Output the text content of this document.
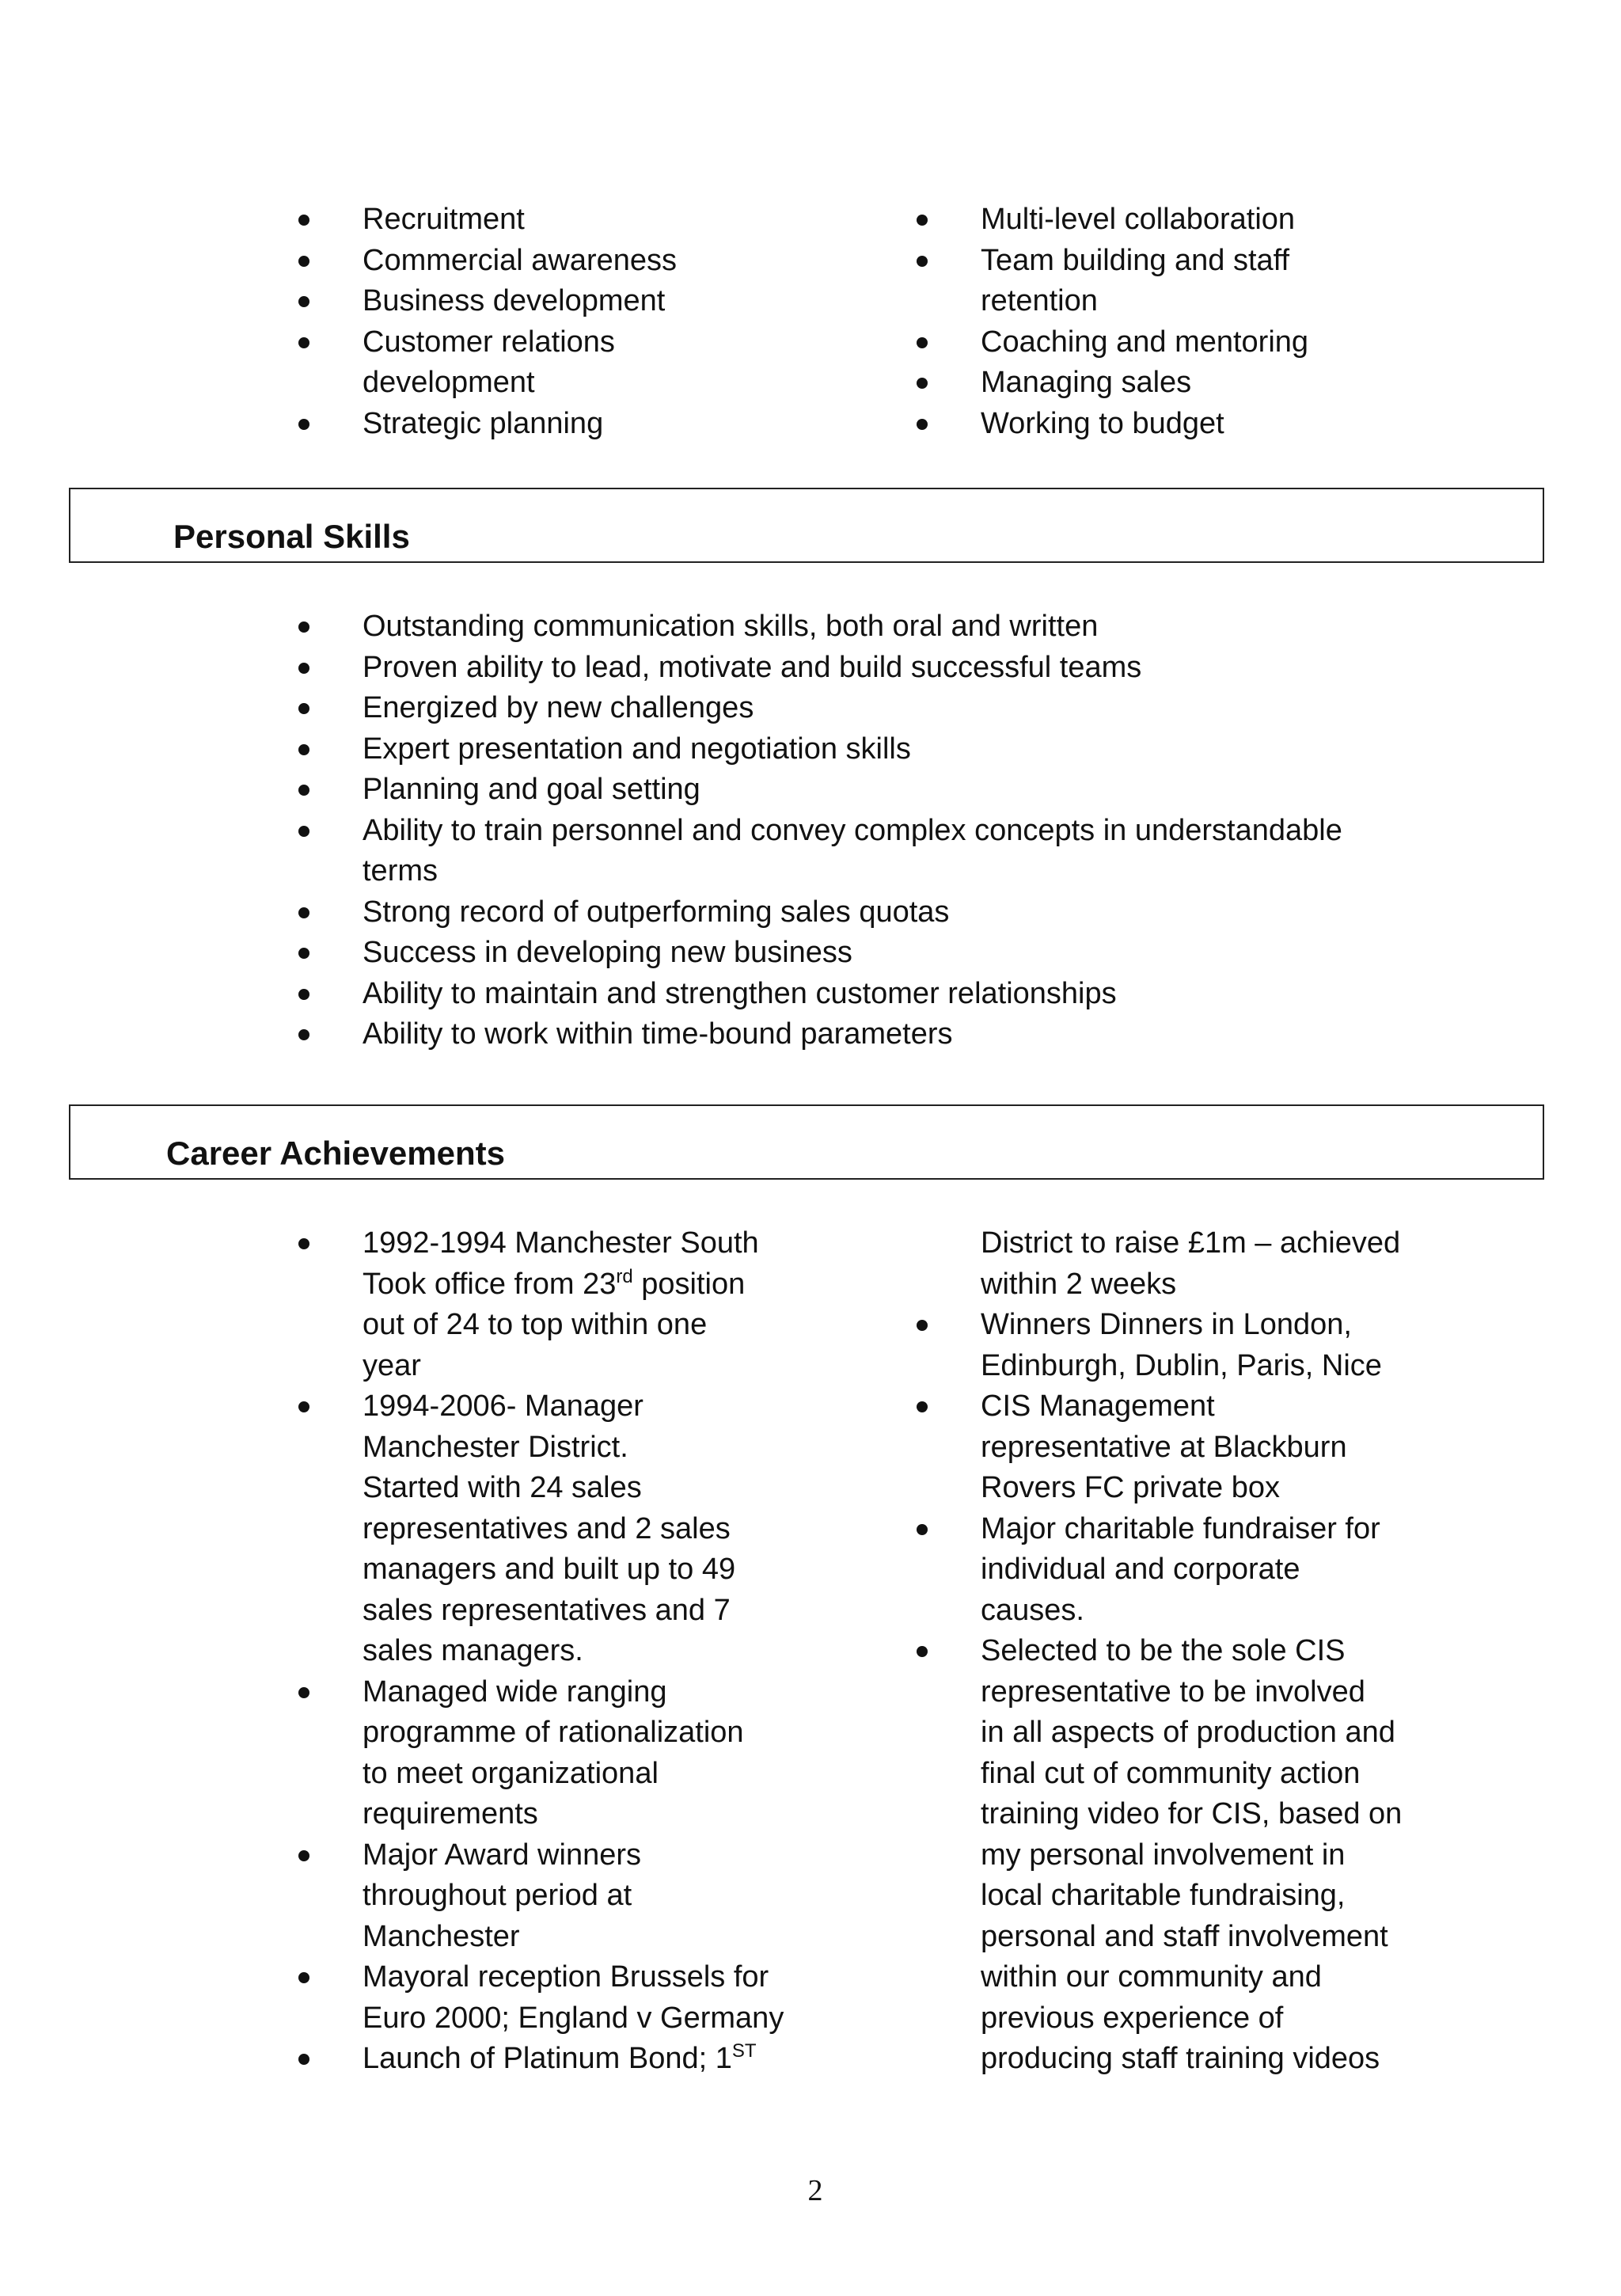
Recruitment
Commercial awareness
Business development
Customer relations
development
Strategic planning
Multi-level collaboration
Team building and staff
retention
Coaching and mentoring
Managing sales
Working to budget
Personal Skills
Outstanding communication skills, both oral and written
Proven ability to lead, motivate and build successful teams
Energized by new challenges
Expert presentation and negotiation skills
Planning and goal setting
Ability to train personnel and convey complex concepts in understandable
terms
Strong record of outperforming sales quotas
Success in developing new business
Ability to maintain and strengthen customer relationships
Ability to work within time-bound parameters
Career Achievements
1992-1994 Manchester South
Took office from 23rd position
out of 24 to top within one
year
1994-2006- Manager
Manchester District.
Started with 24 sales
representatives and 2 sales
managers and built up to 49
sales representatives and 7
sales managers.
Managed wide ranging
programme of rationalization
to meet organizational
requirements
Major Award winners
throughout period at
Manchester
Mayoral reception Brussels for
Euro 2000; England v Germany
Launch of Platinum Bond; 1ST
District to raise £1m – achieved
within 2 weeks
Winners Dinners in London,
Edinburgh, Dublin, Paris, Nice
CIS Management
representative at Blackburn
Rovers FC private box
Major charitable fundraiser for
individual and corporate
causes.
Selected to be the sole CIS
representative to be involved
in all aspects of production and
final cut of community action
training video for CIS, based on
my personal involvement in
local charitable fundraising,
personal and staff involvement
within our community and
previous experience of
producing staff training videos
2
